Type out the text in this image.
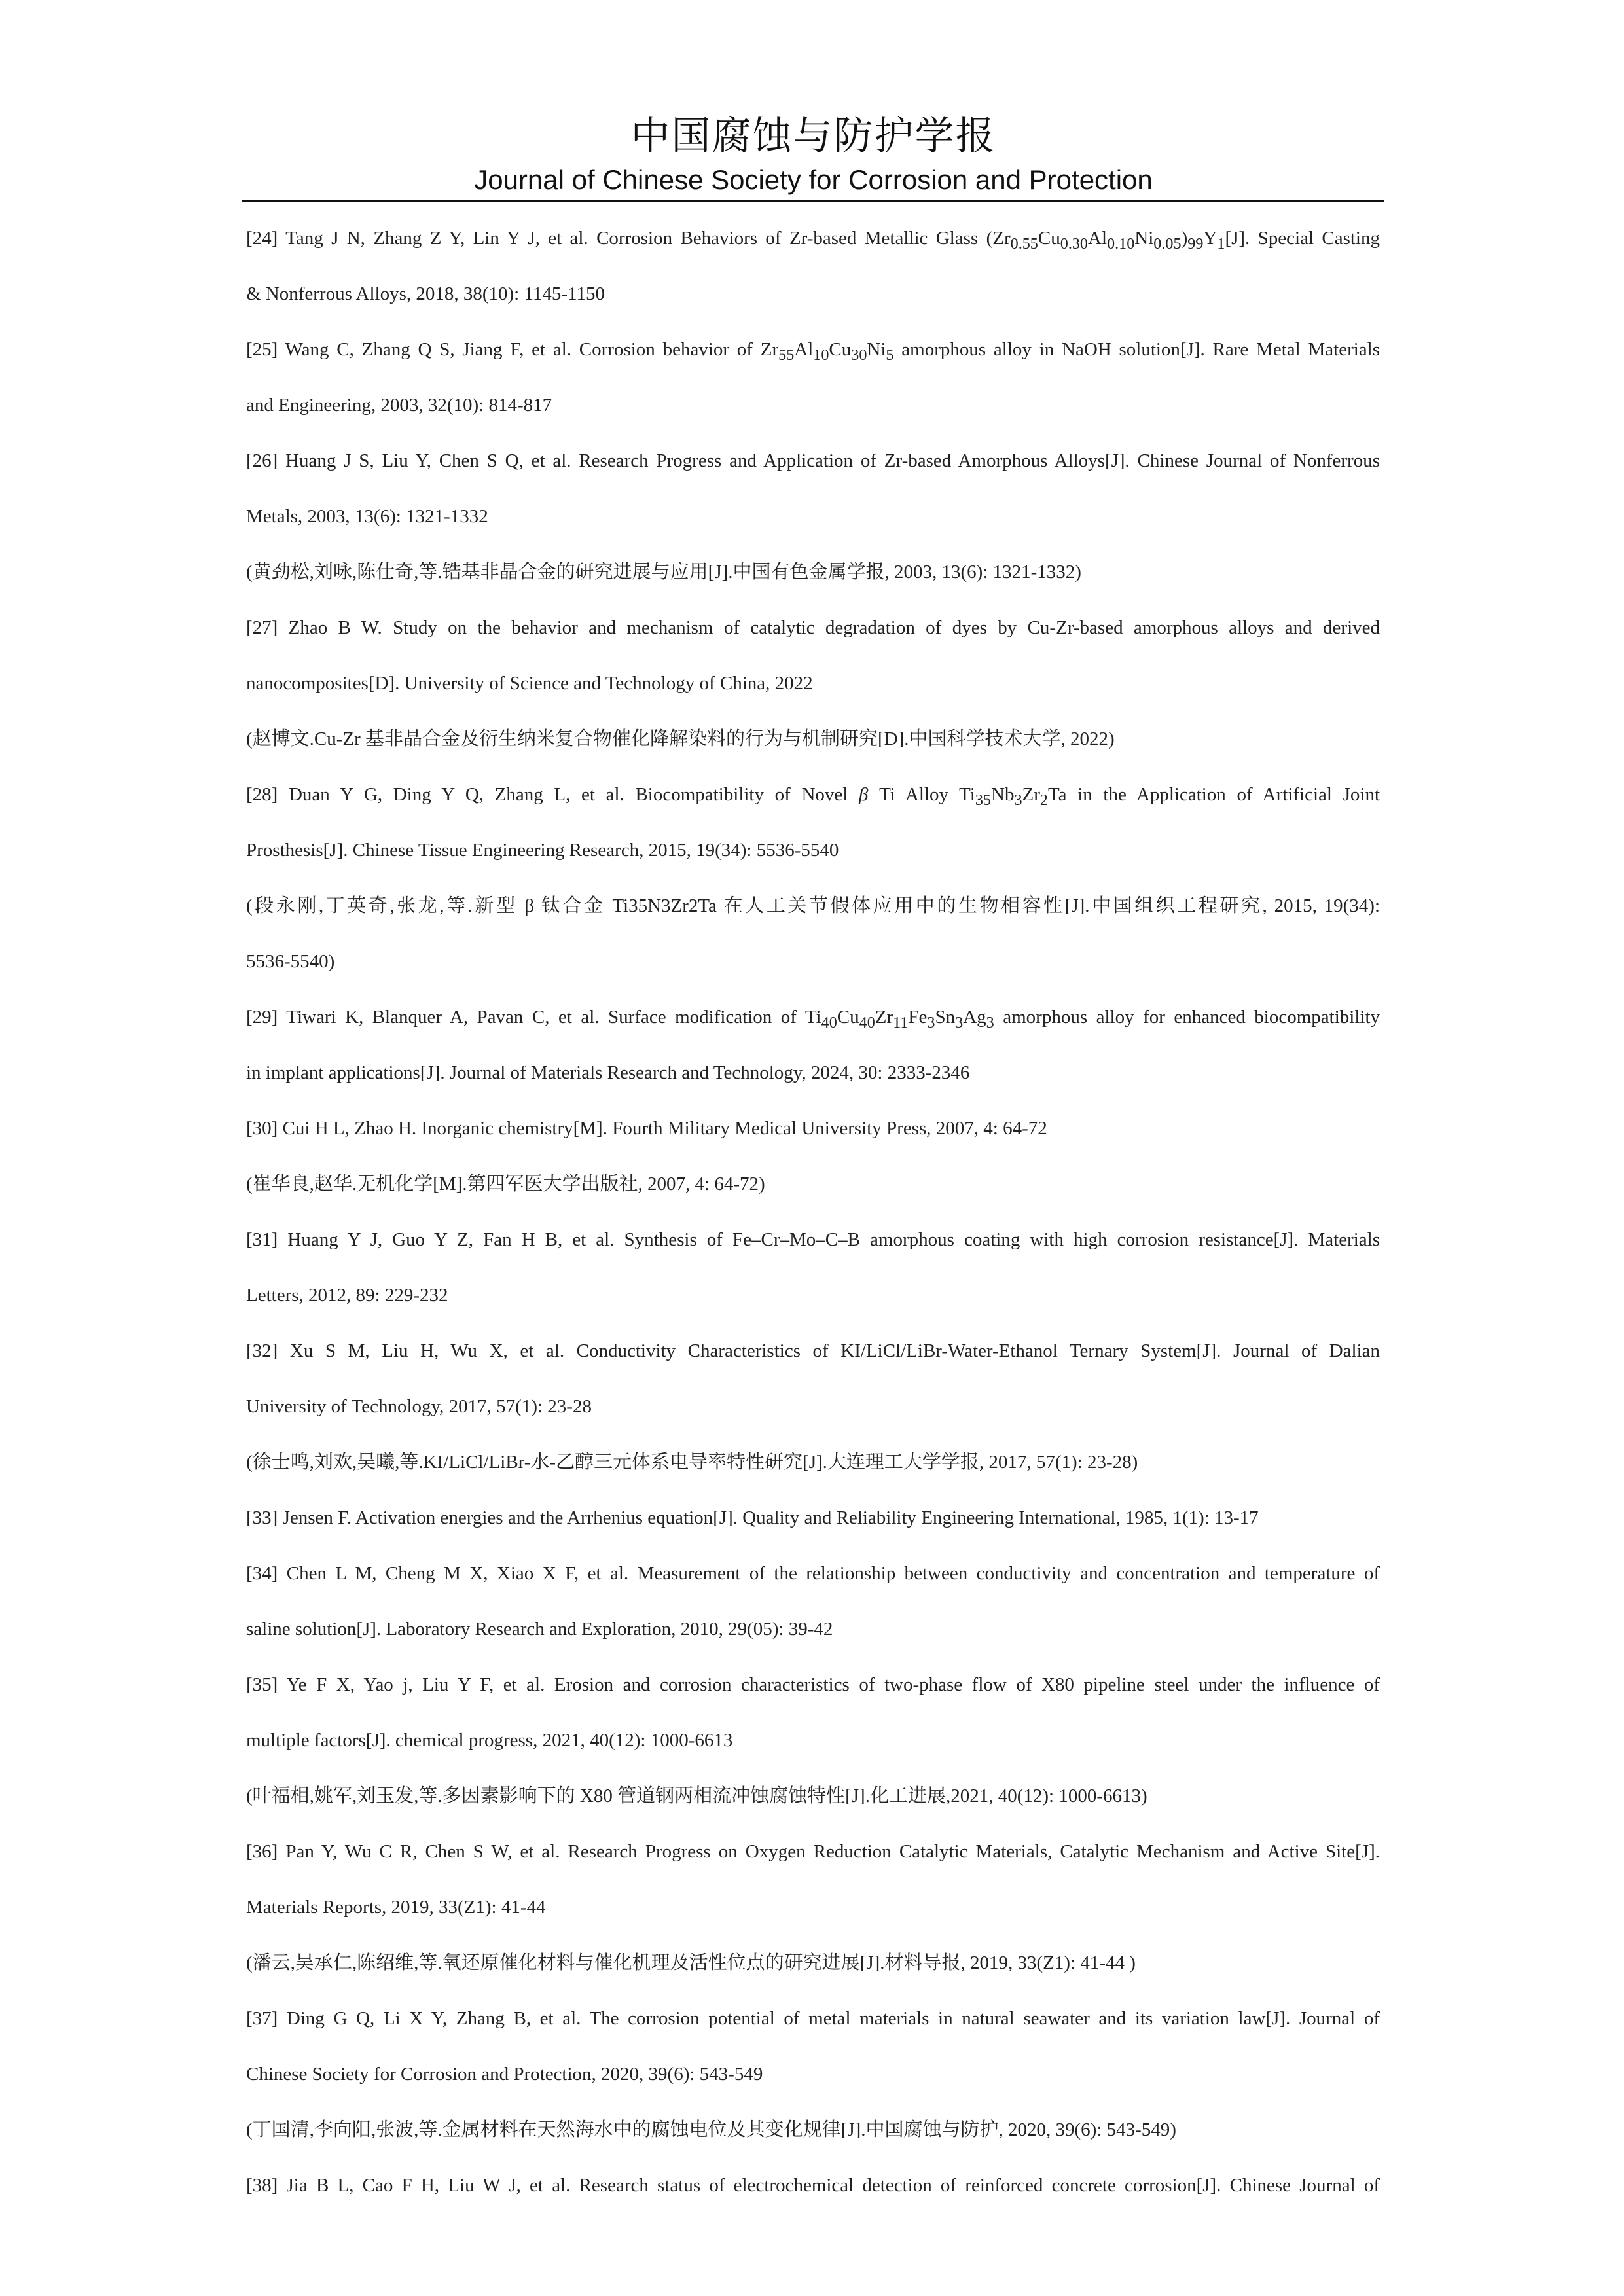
中国腐蚀与防护学报
Journal of Chinese Society for Corrosion and Protection
[24] Tang J N, Zhang Z Y, Lin Y J, et al. Corrosion Behaviors of Zr-based Metallic Glass $(Zr_{0.55}Cu_{0.30}Al_{0.10}Ni_{0.05})_{99}Y_1[J]$. Special Casting
& Nonferrous Alloys, 2018, 38(10): 1145-1150
[25] Wang C, Zhang Q S, Jiang F, et al. Corrosion behavior of $Zr_{55}Al_{10}Cu_{30}Ni_5$ amorphous alloy in NaOH solution[J]. Rare Metal Materials
and Engineering, 2003, 32(10): 814-817
[26] Huang J S, Liu Y, Chen S Q, et al. Research Progress and Application of Zr-based Amorphous Alloys[J]. Chinese Journal of Nonferrous
Metals, 2003, 13(6): 1321-1332
(黄劲松,刘咏,陈仕奇,等.锆基非晶合金的研究进展与应用[J].中国有色金属学报, 2003, 13(6): 1321-1332)
[27] Zhao B W. Study on the behavior and mechanism of catalytic degradation of dyes by Cu-Zr-based amorphous alloys and derived
nanocomposites[D]. University of Science and Technology of China, 2022
(赵博文.Cu-Zr 基非晶合金及衍生纳米复合物催化降解染料的行为与机制研究[D].中国科学技术大学, 2022)
[28] Duan Y G, Ding Y Q, Zhang L, et al. Biocompatibility of Novel β Ti Alloy $Ti_{35}Nb_3Zr_2Ta$ in the Application of Artificial Joint
Prosthesis[J]. Chinese Tissue Engineering Research, 2015, 19(34): 5536-5540
(段永刚,丁英奇,张龙,等.新型 β 钛合金 Ti35N3Zr2Ta 在人工关节假体应用中的生物相容性[J].中国组织工程研究, 2015, 19(34):
5536-5540)
[29] Tiwari K, Blanquer A, Pavan C, et al. Surface modification of $Ti_{40}Cu_{40}Zr_{11}Fe_3Sn_3Ag_3$ amorphous alloy for enhanced biocompatibility
in implant applications[J]. Journal of Materials Research and Technology, 2024, 30: 2333-2346
[30] Cui H L, Zhao H. Inorganic chemistry[M]. Fourth Military Medical University Press, 2007, 4: 64-72
(崔华良,赵华.无机化学[M].第四军医大学出版社, 2007, 4: 64-72)
[31] Huang Y J, Guo Y Z, Fan H B, et al. Synthesis of Fe–Cr–Mo–C–B amorphous coating with high corrosion resistance[J]. Materials
Letters, 2012, 89: 229-232
[32] Xu S M, Liu H, Wu X, et al. Conductivity Characteristics of KI/LiCl/LiBr-Water-Ethanol Ternary System[J]. Journal of Dalian
University of Technology, 2017, 57(1): 23-28
(徐士鸣,刘欢,吴曦,等.KI/LiCl/LiBr-水-乙醇三元体系电导率特性研究[J].大连理工大学学报, 2017, 57(1): 23-28)
[33] Jensen F. Activation energies and the Arrhenius equation[J]. Quality and Reliability Engineering International, 1985, 1(1): 13-17
[34] Chen L M, Cheng M X, Xiao X F, et al. Measurement of the relationship between conductivity and concentration and temperature of
saline solution[J]. Laboratory Research and Exploration, 2010, 29(05): 39-42
[35] Ye F X, Yao j, Liu Y F, et al. Erosion and corrosion characteristics of two-phase flow of X80 pipeline steel under the influence of
multiple factors[J]. chemical progress, 2021, 40(12): 1000-6613
(叶福相,姚军,刘玉发,等.多因素影响下的 X80 管道钢两相流冲蚀腐蚀特性[J].化工进展,2021, 40(12): 1000-6613)
[36] Pan Y, Wu C R, Chen S W, et al. Research Progress on Oxygen Reduction Catalytic Materials, Catalytic Mechanism and Active Site[J].
Materials Reports, 2019, 33(Z1): 41-44
(潘云,吴承仁,陈绍维,等.氧还原催化材料与催化机理及活性位点的研究进展[J].材料导报, 2019, 33(Z1): 41-44 )
[37] Ding G Q, Li X Y, Zhang B, et al. The corrosion potential of metal materials in natural seawater and its variation law[J]. Journal of
Chinese Society for Corrosion and Protection, 2020, 39(6): 543-549
(丁国清,李向阳,张波,等.金属材料在天然海水中的腐蚀电位及其变化规律[J].中国腐蚀与防护, 2020, 39(6): 543-549)
[38] Jia B L, Cao F H, Liu W J, et al. Research status of electrochemical detection of reinforced concrete corrosion[J]. Chinese Journal of
